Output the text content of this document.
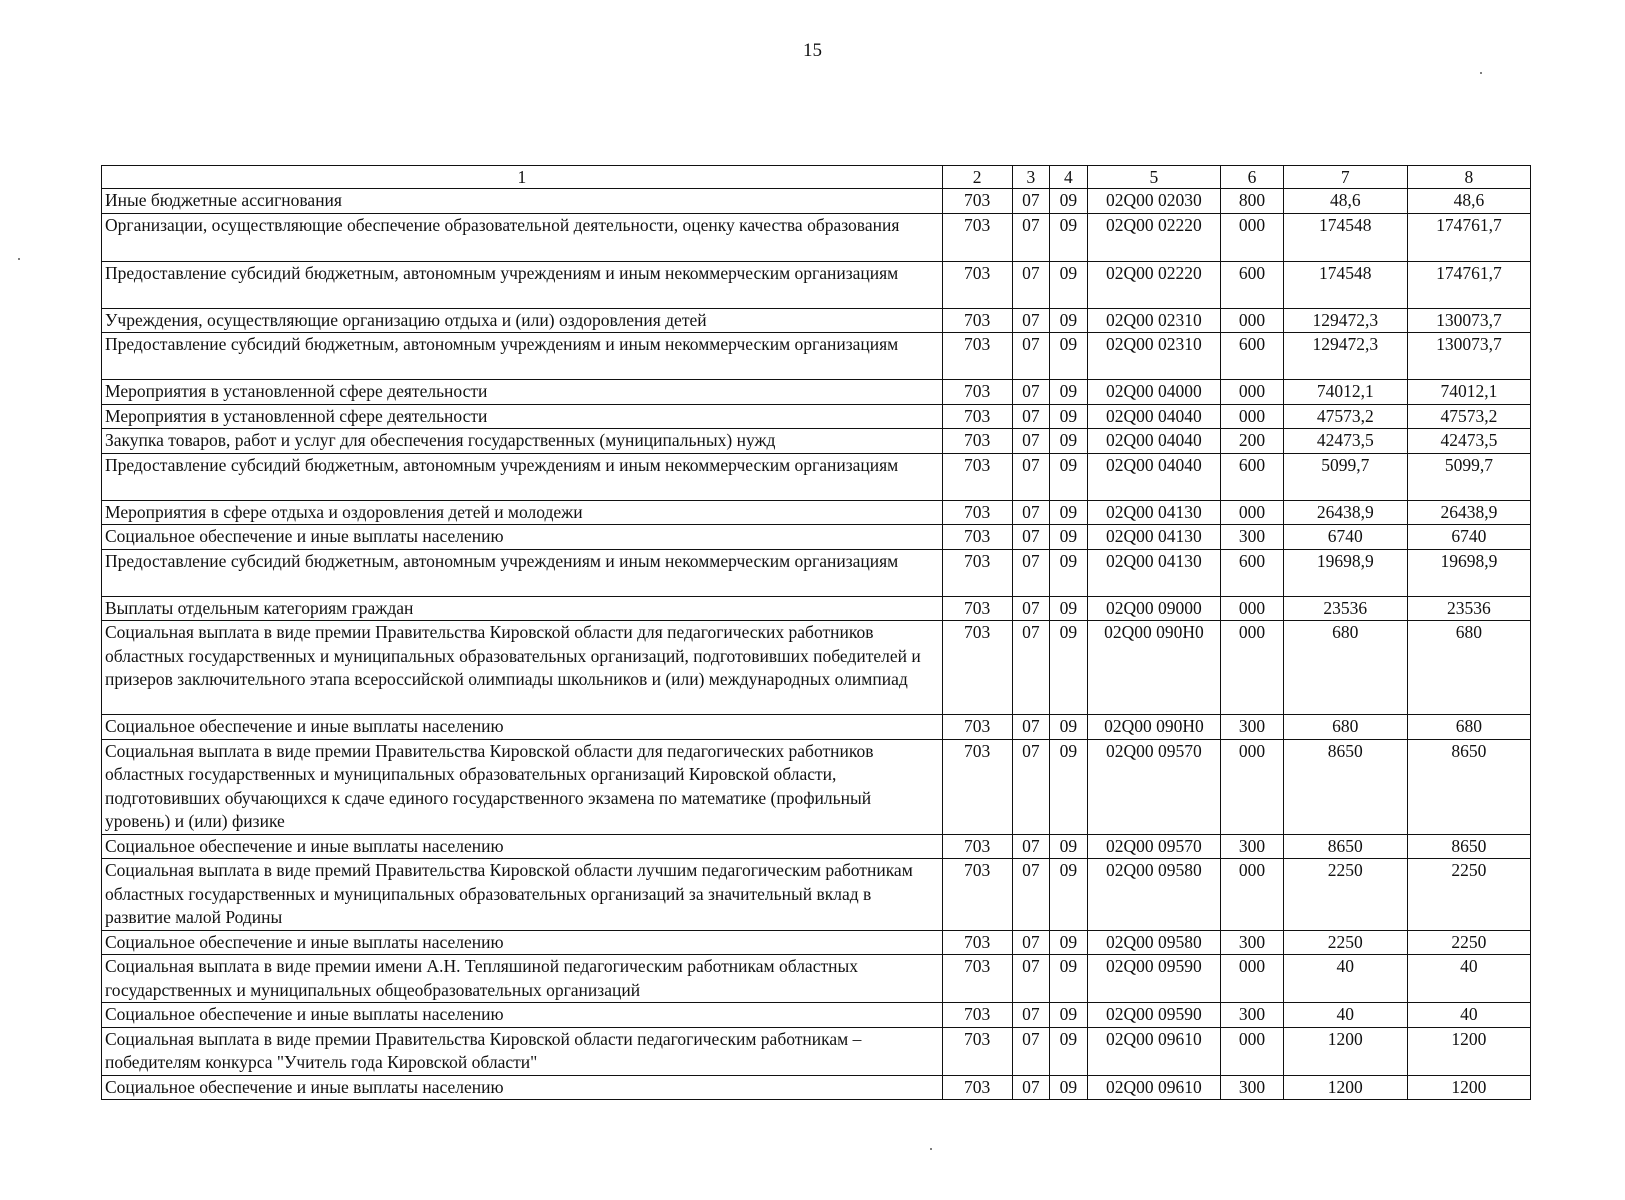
15
1	2	3	4	5	6	7	8
Иные бюджетные ассигнования	703	07	09	02Q00 02030	800	48,6	48,6
Организации, осуществляющие обеспечение образовательной деятельности, оценку качества образования	703	07	09	02Q00 02220	000	174548	174761,7
Предоставление субсидий бюджетным, автономным учреждениям и иным некоммерческим организациям	703	07	09	02Q00 02220	600	174548	174761,7
Учреждения, осуществляющие организацию отдыха и (или) оздоровления детей	703	07	09	02Q00 02310	000	129472,3	130073,7
Предоставление субсидий бюджетным, автономным учреждениям и иным некоммерческим организациям	703	07	09	02Q00 02310	600	129472,3	130073,7
Мероприятия в установленной сфере деятельности	703	07	09	02Q00 04000	000	74012,1	74012,1
Мероприятия в установленной сфере деятельности	703	07	09	02Q00 04040	000	47573,2	47573,2
Закупка товаров, работ и услуг для обеспечения государственных (муниципальных) нужд	703	07	09	02Q00 04040	200	42473,5	42473,5
Предоставление субсидий бюджетным, автономным учреждениям и иным некоммерческим организациям	703	07	09	02Q00 04040	600	5099,7	5099,7
Мероприятия в сфере отдыха и оздоровления детей и молодежи	703	07	09	02Q00 04130	000	26438,9	26438,9
Социальное обеспечение и иные выплаты населению	703	07	09	02Q00 04130	300	6740	6740
Предоставление субсидий бюджетным, автономным учреждениям и иным некоммерческим организациям	703	07	09	02Q00 04130	600	19698,9	19698,9
Выплаты отдельным категориям граждан	703	07	09	02Q00 09000	000	23536	23536
Социальная выплата в виде премии Правительства Кировской области для педагогических работников областных государственных и муниципальных образовательных организаций, подготовивших победителей и призеров заключительного этапа всероссийской олимпиады школьников и (или) международных олимпиад	703	07	09	02Q00 090H0	000	680	680
Социальное обеспечение и иные выплаты населению	703	07	09	02Q00 090H0	300	680	680
Социальная выплата в виде премии Правительства Кировской области для педагогических работников областных государственных и муниципальных образовательных организаций Кировской области, подготовивших обучающихся к сдаче единого государственного экзамена по математике (профильный уровень) и (или) физике	703	07	09	02Q00 09570	000	8650	8650
Социальное обеспечение и иные выплаты населению	703	07	09	02Q00 09570	300	8650	8650
Социальная выплата в виде премий Правительства Кировской области лучшим педагогическим работникам областных государственных и муниципальных образовательных организаций за значительный вклад в развитие малой Родины	703	07	09	02Q00 09580	000	2250	2250
Социальное обеспечение и иные выплаты населению	703	07	09	02Q00 09580	300	2250	2250
Социальная выплата в виде премии имени А.Н. Тепляшиной педагогическим работникам областных государственных и муниципальных общеобразовательных организаций	703	07	09	02Q00 09590	000	40	40
Социальное обеспечение и иные выплаты населению	703	07	09	02Q00 09590	300	40	40
Социальная выплата в виде премии Правительства Кировской области педагогическим работникам – победителям конкурса "Учитель года Кировской области"	703	07	09	02Q00 09610	000	1200	1200
Социальное обеспечение и иные выплаты населению	703	07	09	02Q00 09610	300	1200	1200
